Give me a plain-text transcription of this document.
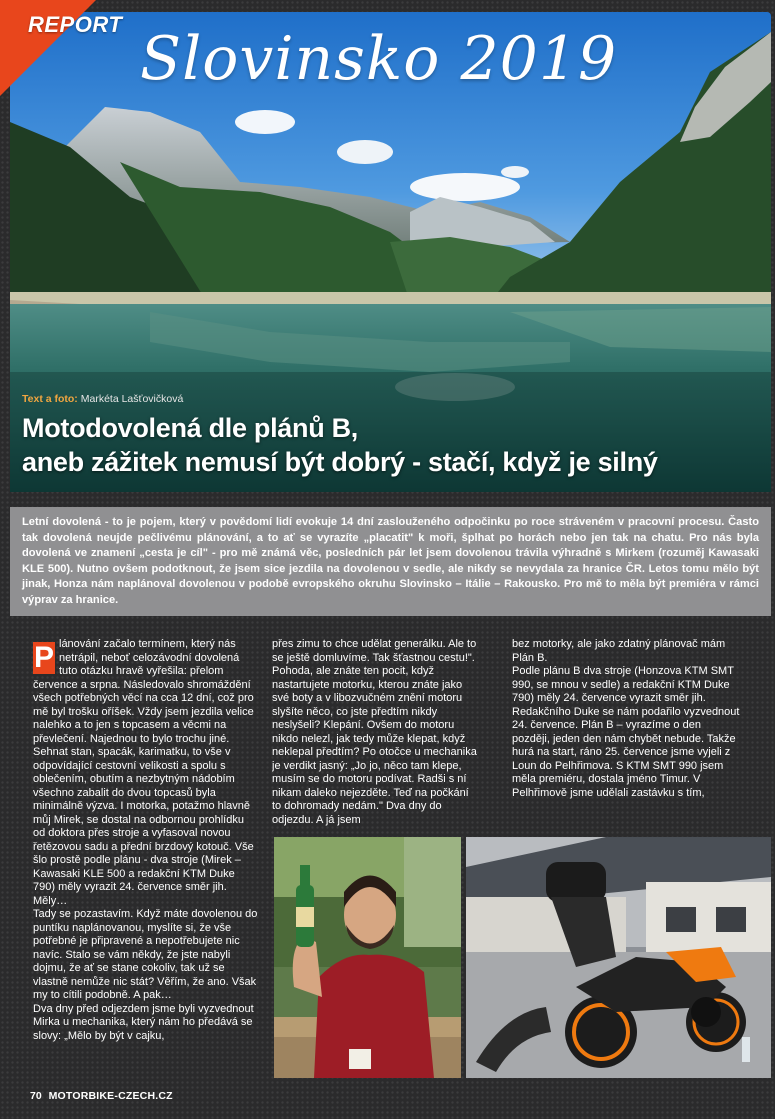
REPORT Slovinsko 2019
Text a foto: Markéta Lašťovičková
Motodovolená dle plánů B,
aneb zážitek nemusí být dobrý - stačí, když je silný

Letní dovolená - to je pojem, který v povědomí lidí evokuje 14 dní zaslouženého odpočinku po roce stráveném v pracovní procesu. Často tak dovolená neujde pečlivému plánování, a to ať se vyrazíte „placatit" k moři, šplhat po horách nebo jen tak na chatu. Pro nás byla dovolená ve znamení „cesta je cíl" - pro mě známá věc, posledních pár let jsem dovolenou trávila výhradně s Mirkem (rozuměj Kawasaki KLE 500). Nutno ovšem podotknout, že jsem sice jezdila na dovolenou v sedle, ale nikdy se nevydala za hranice ČR. Letos tomu mělo být jinak, Honza nám naplánoval dovolenou v podobě evropského okruhu Slovinsko – Itálie – Rakousko. Pro mě to měla být premiéra v rámci výprav za hranice.

P lánování začalo termínem, který nás netrápil, neboť celozávodní dovolená tuto otázku hravě vyřešila: přelom července a srpna. Následovalo shromáždění všech potřebných věcí na cca 12 dní, což pro mě byl trošku oříšek. Vždy jsem jezdila velice nalehko a to jen s topcasem a věcmi na převlečení. Najednou to bylo trochu jiné. Sehnat stan, spacák, karimatku, to vše v odpovídající cestovní velikosti a spolu s oblečením, obutím a nezbytným nádobím všechno zabalit do dvou topcasů byla minimálně výzva. I motorka, potažmo hlavně můj Mirek, se dostal na odbornou prohlídku od doktora přes stroje a vyfasoval novou řetězovou sadu a přední brzdový kotouč. Vše šlo prostě podle plánu - dva stroje (Mirek – Kawasaki KLE 500 a redakční KTM Duke 790) měly vyrazit 24. července směr jih. Měly…

Tady se pozastavím. Když máte dovolenou do puntíku naplánovanou, myslíte si, že vše potřebné je připravené a nepotřebujete nic navíc. Stalo se vám někdy, že jste nabyli dojmu, že ať se stane cokoliv, tak už se vlastně nemůže nic stát? Věřím, že ano. Však my to cítili podobně. A pak…

Dva dny před odjezdem jsme byli vyzvednout Mirka u mechanika, který nám ho předává se slovy: „Mělo by být v cajku,

přes zimu to chce udělat generálku. Ale to se ještě domluvíme. Tak šťastnou cestu!". Pohoda, ale znáte ten pocit, když nastartujete motorku, kterou znáte jako své boty a v libozvučném znění motoru slyšíte něco, co jste předtím nikdy neslyšeli? Klepání. Ovšem do motoru nikdo nelezl, jak tedy může klepat, když neklepal předtím? Po otočce u mechanika je verdikt jasný: „Jo jo, něco tam klepe, musím se do motoru podívat. Radši s ní nikam daleko nejezděte. Teď na počkání to dohromady nedám." Dva dny do odjezdu. A já jsem

bez motorky, ale jako zdatný plánovač mám Plán B.

Podle plánu B dva stroje (Honzova KTM SMT 990, se mnou v sedle) a redakční KTM Duke 790) měly 24. července vyrazit směr jih. Redakčního Duke se nám podařilo vyzvednout 24. července. Plán B – vyrazíme o den později, jeden den nám chybět nebude. Takže hurá na start, ráno 25. července jsme vyjeli z Loun do Pelhřimova. S KTM SMT 990 jsem měla premiéru, dostala jméno Timur. V Pelhřimově jsme udělali zastávku s tím,

70 MOTORBIKE-CZECH.CZ
